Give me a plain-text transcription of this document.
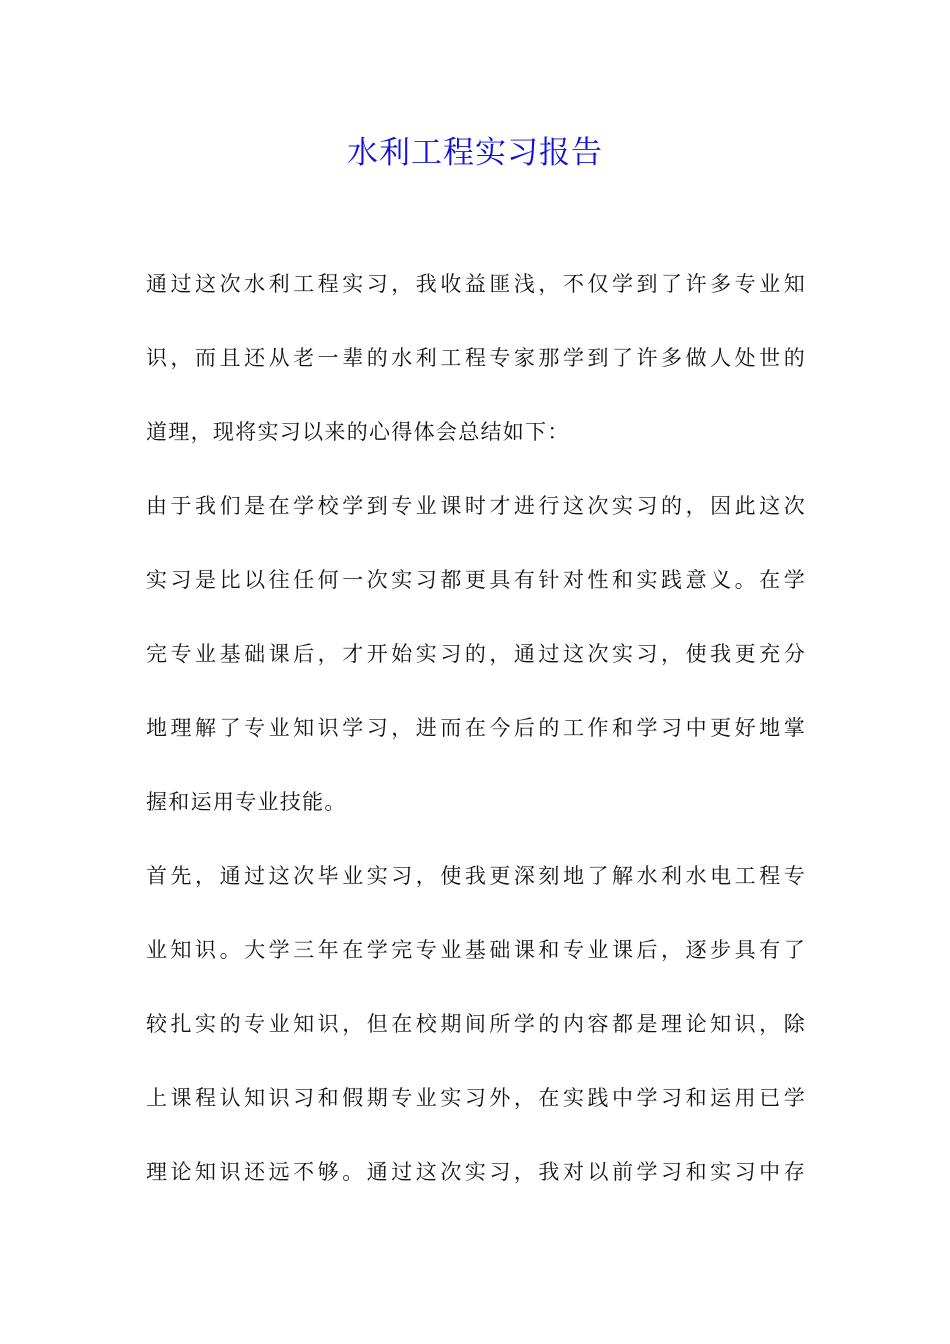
水利工程实习报告
通过这次水利工程实习，我收益匪浅，不仅学到了许多专业知
识，而且还从老一辈的水利工程专家那学到了许多做人处世的
道理，现将实习以来的心得体会总结如下：
由于我们是在学校学到专业课时才进行这次实习的，因此这次
实习是比以往任何一次实习都更具有针对性和实践意义。在学
完专业基础课后，才开始实习的，通过这次实习，使我更充分
地理解了专业知识学习，进而在今后的工作和学习中更好地掌
握和运用专业技能。
首先，通过这次毕业实习，使我更深刻地了解水利水电工程专
业知识。大学三年在学完专业基础课和专业课后，逐步具有了
较扎实的专业知识，但在校期间所学的内容都是理论知识，除
上课程认知识习和假期专业实习外，在实践中学习和运用已学
理论知识还远不够。通过这次实习，我对以前学习和实习中存
